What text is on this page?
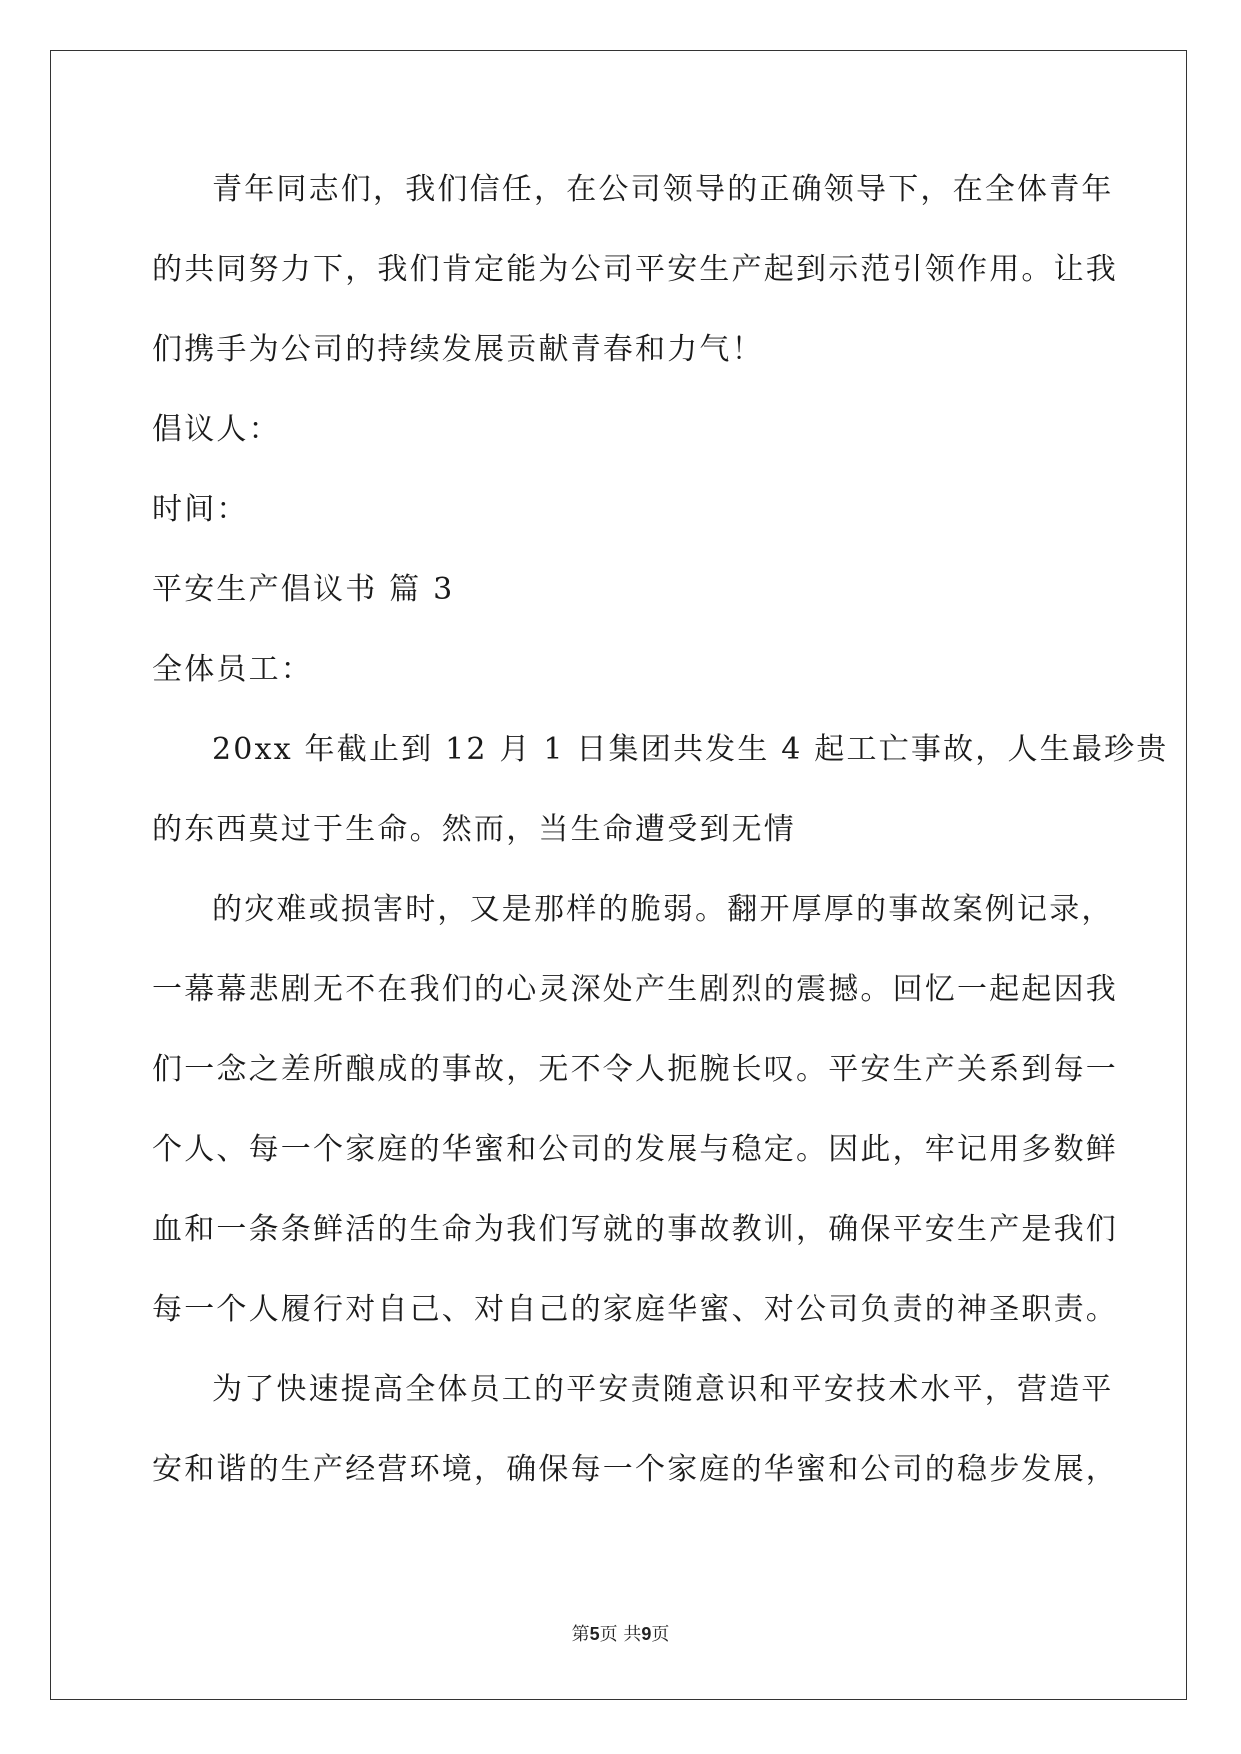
青年同志们，我们信任，在公司领导的正确领导下，在全体青年
的共同努力下，我们肯定能为公司平安生产起到示范引领作用。让我
们携手为公司的持续发展贡献青春和力气！
倡议人：
时间：
平安生产倡议书 篇 3
全体员工：
20xx 年截止到 12 月 1 日集团共发生 4 起工亡事故，人生最珍贵
的东西莫过于生命。然而，当生命遭受到无情
的灾难或损害时，又是那样的脆弱。翻开厚厚的事故案例记录，
一幕幕悲剧无不在我们的心灵深处产生剧烈的震撼。回忆一起起因我
们一念之差所酿成的事故，无不令人扼腕长叹。平安生产关系到每一
个人、每一个家庭的华蜜和公司的发展与稳定。因此，牢记用多数鲜
血和一条条鲜活的生命为我们写就的事故教训，确保平安生产是我们
每一个人履行对自己、对自己的家庭华蜜、对公司负责的神圣职责。
为了快速提高全体员工的平安责随意识和平安技术水平，营造平
安和谐的生产经营环境，确保每一个家庭的华蜜和公司的稳步发展，
第5页 共9页
